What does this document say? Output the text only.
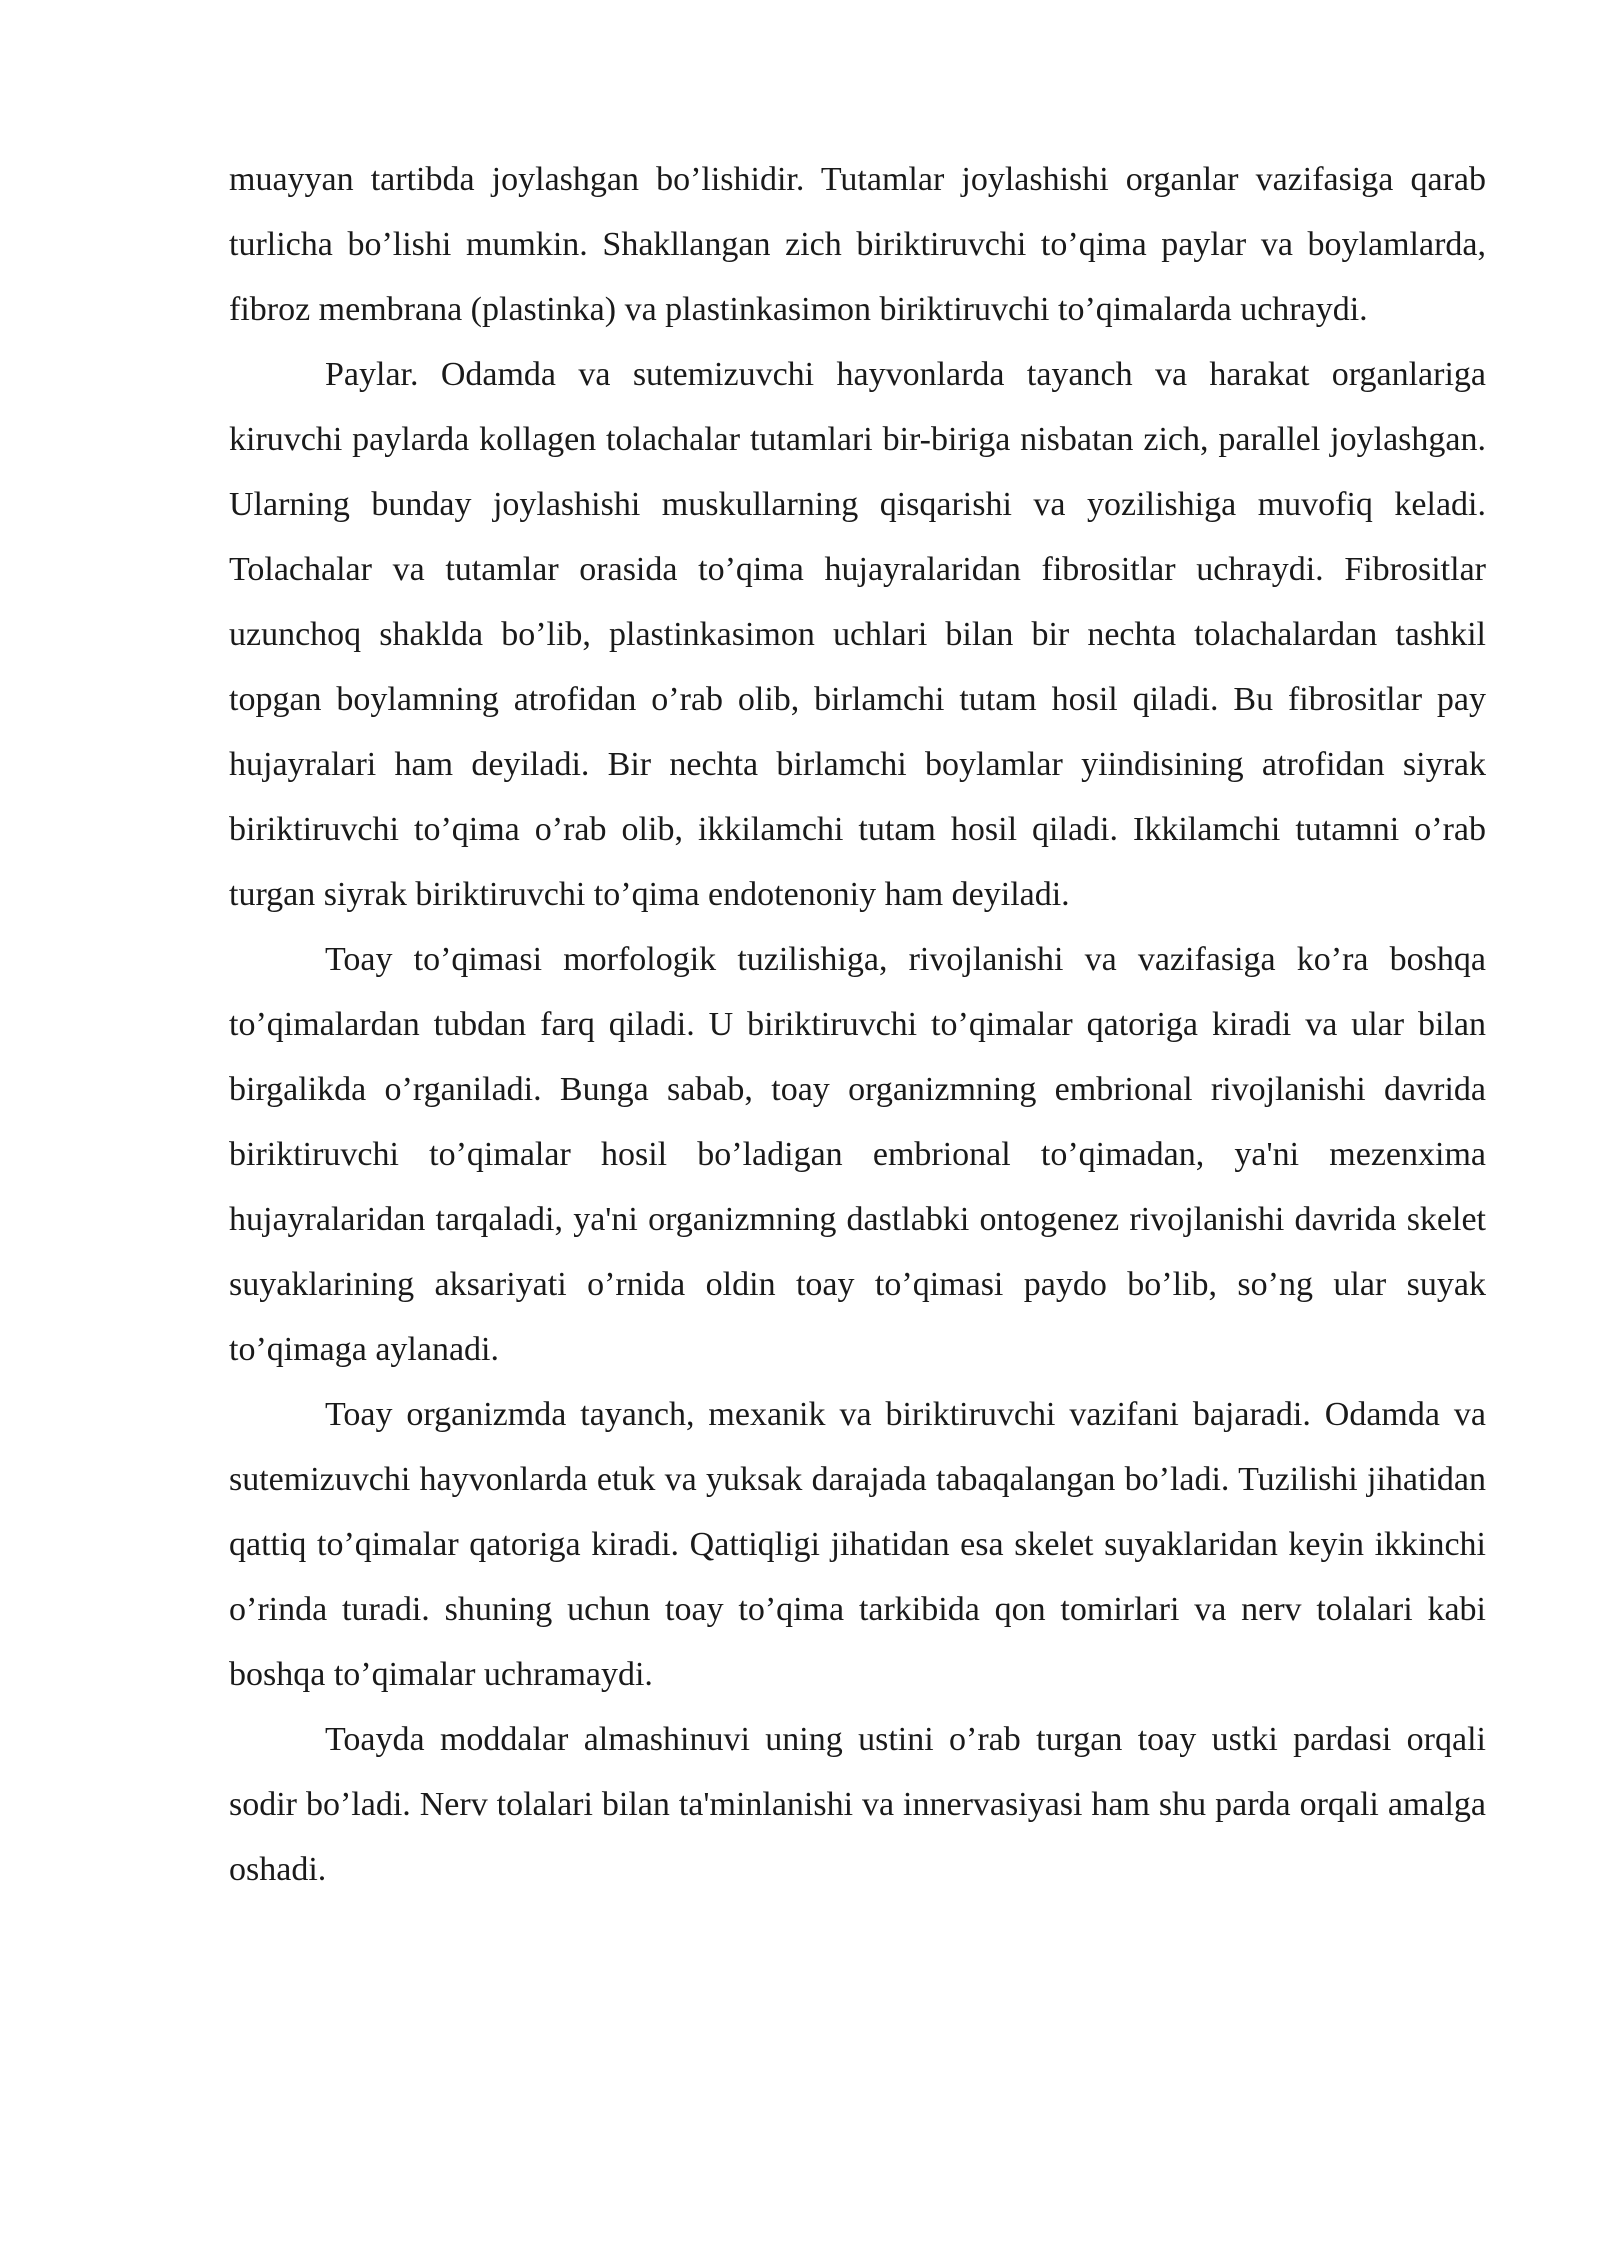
muayyan tartibda joylashgan bo’lishidir. Tutamlar joylashishi organlar vazifasiga qarab turlicha bo’lishi mumkin. Shakllangan zich biriktiruvchi to’qima paylar va boylamlarda, fibroz membrana (plastinka) va plastinkasimon biriktiruvchi to’qimalarda uchraydi.

Paylar. Odamda va sutemizuvchi hayvonlarda tayanch va harakat organlariga kiruvchi paylarda kollagen tolachalar tutamlari bir-biriga nisbatan zich, parallel joylashgan. Ularning bunday joylashishi muskullarning qisqarishi va yozilishiga muvofiq keladi. Tolachalar va tutamlar orasida to’qima hujayralaridan fibrositlar uchraydi. Fibrositlar uzunchoq shaklda bo’lib, plastinkasimon uchlari bilan bir nechta tolachalardan tashkil topgan boylamning atrofidan o’rab olib, birlamchi tutam hosil qiladi. Bu fibrositlar pay hujayralari ham deyiladi. Bir nechta birlamchi boylamlar yiindisining atrofidan siyrak biriktiruvchi to’qima o’rab olib, ikkilamchi tutam hosil qiladi. Ikkilamchi tutamni o’rab turgan siyrak biriktiruvchi to’qima endotenoniy ham deyiladi.

Toay to’qimasi morfologik tuzilishiga, rivojlanishi va vazifasiga ko’ra boshqa to’qimalardan tubdan farq qiladi. U biriktiruvchi to’qimalar qatoriga kiradi va ular bilan birgalikda o’rganiladi. Bunga sabab, toay organizmning embrional rivojlanishi davrida biriktiruvchi to’qimalar hosil bo’ladigan embrional to’qimadan, ya'ni mezenxima hujayralaridan tarqaladi, ya'ni organizmning dastlabki ontogenez rivojlanishi davrida skelet suyaklarining aksariyati o’rnida oldin toay to’qimasi paydo bo’lib, so’ng ular suyak to’qimaga aylanadi.

Toay organizmda tayanch, mexanik va biriktiruvchi vazifani bajaradi. Odamda va sutemizuvchi hayvonlarda etuk va yuksak darajada tabaqalangan bo’ladi. Tuzilishi jihatidan qattiq to’qimalar qatoriga kiradi. Qattiqligi jihatidan esa skelet suyaklaridan keyin ikkinchi o’rinda turadi. shuning uchun toay to’qima tarkibida qon tomirlari va nerv tolalari kabi boshqa to’qimalar uchramaydi.

Toayda moddalar almashinuvi uning ustini o’rab turgan toay ustki pardasi orqali sodir bo’ladi. Nerv tolalari bilan ta'minlanishi va innervasiyasi ham shu parda orqali amalga oshadi.
